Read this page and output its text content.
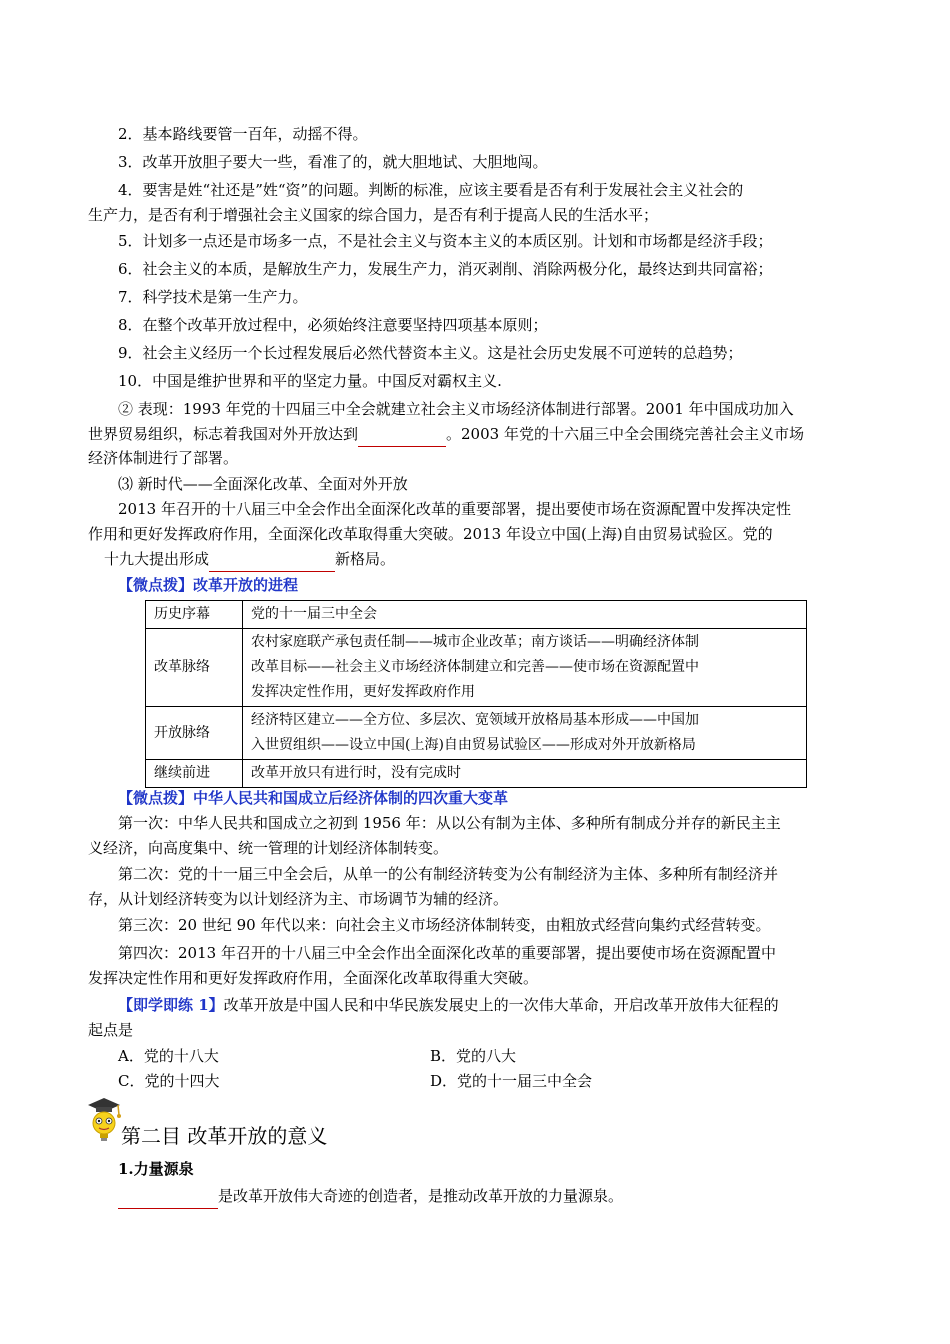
2．基本路线要管一百年，动摇不得。
3．改革开放胆子要大一些，看准了的，就大胆地试、大胆地闯。
4．要害是姓“社还是”姓“资”的问题。判断的标准，应该主要看是否有利于发展社会主义社会的
生产力，是否有利于增强社会主义国家的综合国力，是否有利于提高人民的生活水平；
5．计划多一点还是市场多一点，不是社会主义与资本主义的本质区别。计划和市场都是经济手段；
6．社会主义的本质，是解放生产力，发展生产力，消灭剥削、消除两极分化，最终达到共同富裕；
7．科学技术是第一生产力。
8．在整个改革开放过程中，必须始终注意要坚持四项基本原则；
9．社会主义经历一个长过程发展后必然代替资本主义。这是社会历史发展不可逆转的总趋势；
10．中国是维护世界和平的坚定力量。中国反对霸权主义.
② 表现：1993 年党的十四届三中全会就建立社会主义市场经济体制进行部署。2001 年中国成功加入
世界贸易组织，标志着我国对外开放达到	。2003 年党的十六届三中全会围绕完善社会主义市场
经济体制进行了部署。
⑶ 新时代——全面深化改革、全面对外开放
2013 年召开的十八届三中全会作出全面深化改革的重要部署，提出要使市场在资源配置中发挥决定性
作用和更好发挥政府作用，全面深化改革取得重大突破。2013 年设立中国(上海)自由贸易试验区。党的
十九大提出形成	新格局。
【微点拨】改革开放的进程
历史序幕	党的十一届三中全会

改革脉络	农村家庭联产承包责任制——城市企业改革；南方谈话——明确经济体制
改革目标——社会主义市场经济体制建立和完善——使市场在资源配置中
发挥决定性作用，更好发挥政府作用

开放脉络	经济特区建立——全方位、多层次、宽领域开放格局基本形成——中国加
入世贸组织——设立中国(上海)自由贸易试验区——形成对外开放新格局

继续前进	改革开放只有进行时，没有完成时
【微点拨】中华人民共和国成立后经济体制的四次重大变革
第一次：中华人民共和国成立之初到 1956 年：从以公有制为主体、多种所有制成分并存的新民主主
义经济，向高度集中、统一管理的计划经济体制转变。
第二次：党的十一届三中全会后，从单一的公有制经济转变为公有制经济为主体、多种所有制经济并
存，从计划经济转变为以计划经济为主、市场调节为辅的经济。
第三次：20 世纪 90 年代以来：向社会主义市场经济体制转变，由粗放式经营向集约式经营转变。
第四次：2013 年召开的十八届三中全会作出全面深化改革的重要部署，提出要使市场在资源配置中
发挥决定性作用和更好发挥政府作用，全面深化改革取得重大突破。
【即学即练 1】改革开放是中国人民和中华民族发展史上的一次伟大革命，开启改革开放伟大征程的
起点是
A．党的十八大	B．党的八大
C．党的十四大	D．党的十一届三中全会
第二目 改革开放的意义
1.力量源泉
是改革开放伟大奇迹的创造者，是推动改革开放的力量源泉。
